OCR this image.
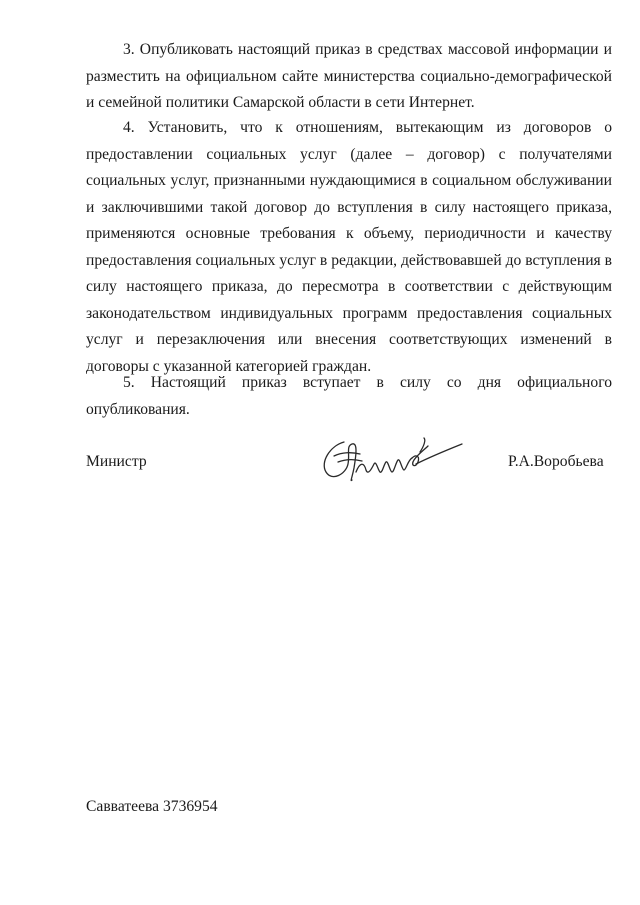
3. Опубликовать настоящий приказ в средствах массовой информации и разместить на официальном сайте министерства социально-демографической и семейной политики Самарской области в сети Интернет.

4. Установить, что к отношениям, вытекающим из договоров о предоставлении социальных услуг (далее – договор) с получателями социальных услуг, признанными нуждающимися в социальном обслуживании и заключившими такой договор до вступления в силу настоящего приказа, применяются основные требования к объему, периодичности и качеству предоставления социальных услуг в редакции, действовавшей до вступления в силу настоящего приказа, до пересмотра в соответствии с действующим законодательством индивидуальных программ предоставления социальных услуг и перезаключения или внесения соответствующих изменений в договоры с указанной категорией граждан.

5. Настоящий приказ вступает в силу со дня официального опубликования.

Министр	Р.А.Воробьева

Савватеева 3736954
